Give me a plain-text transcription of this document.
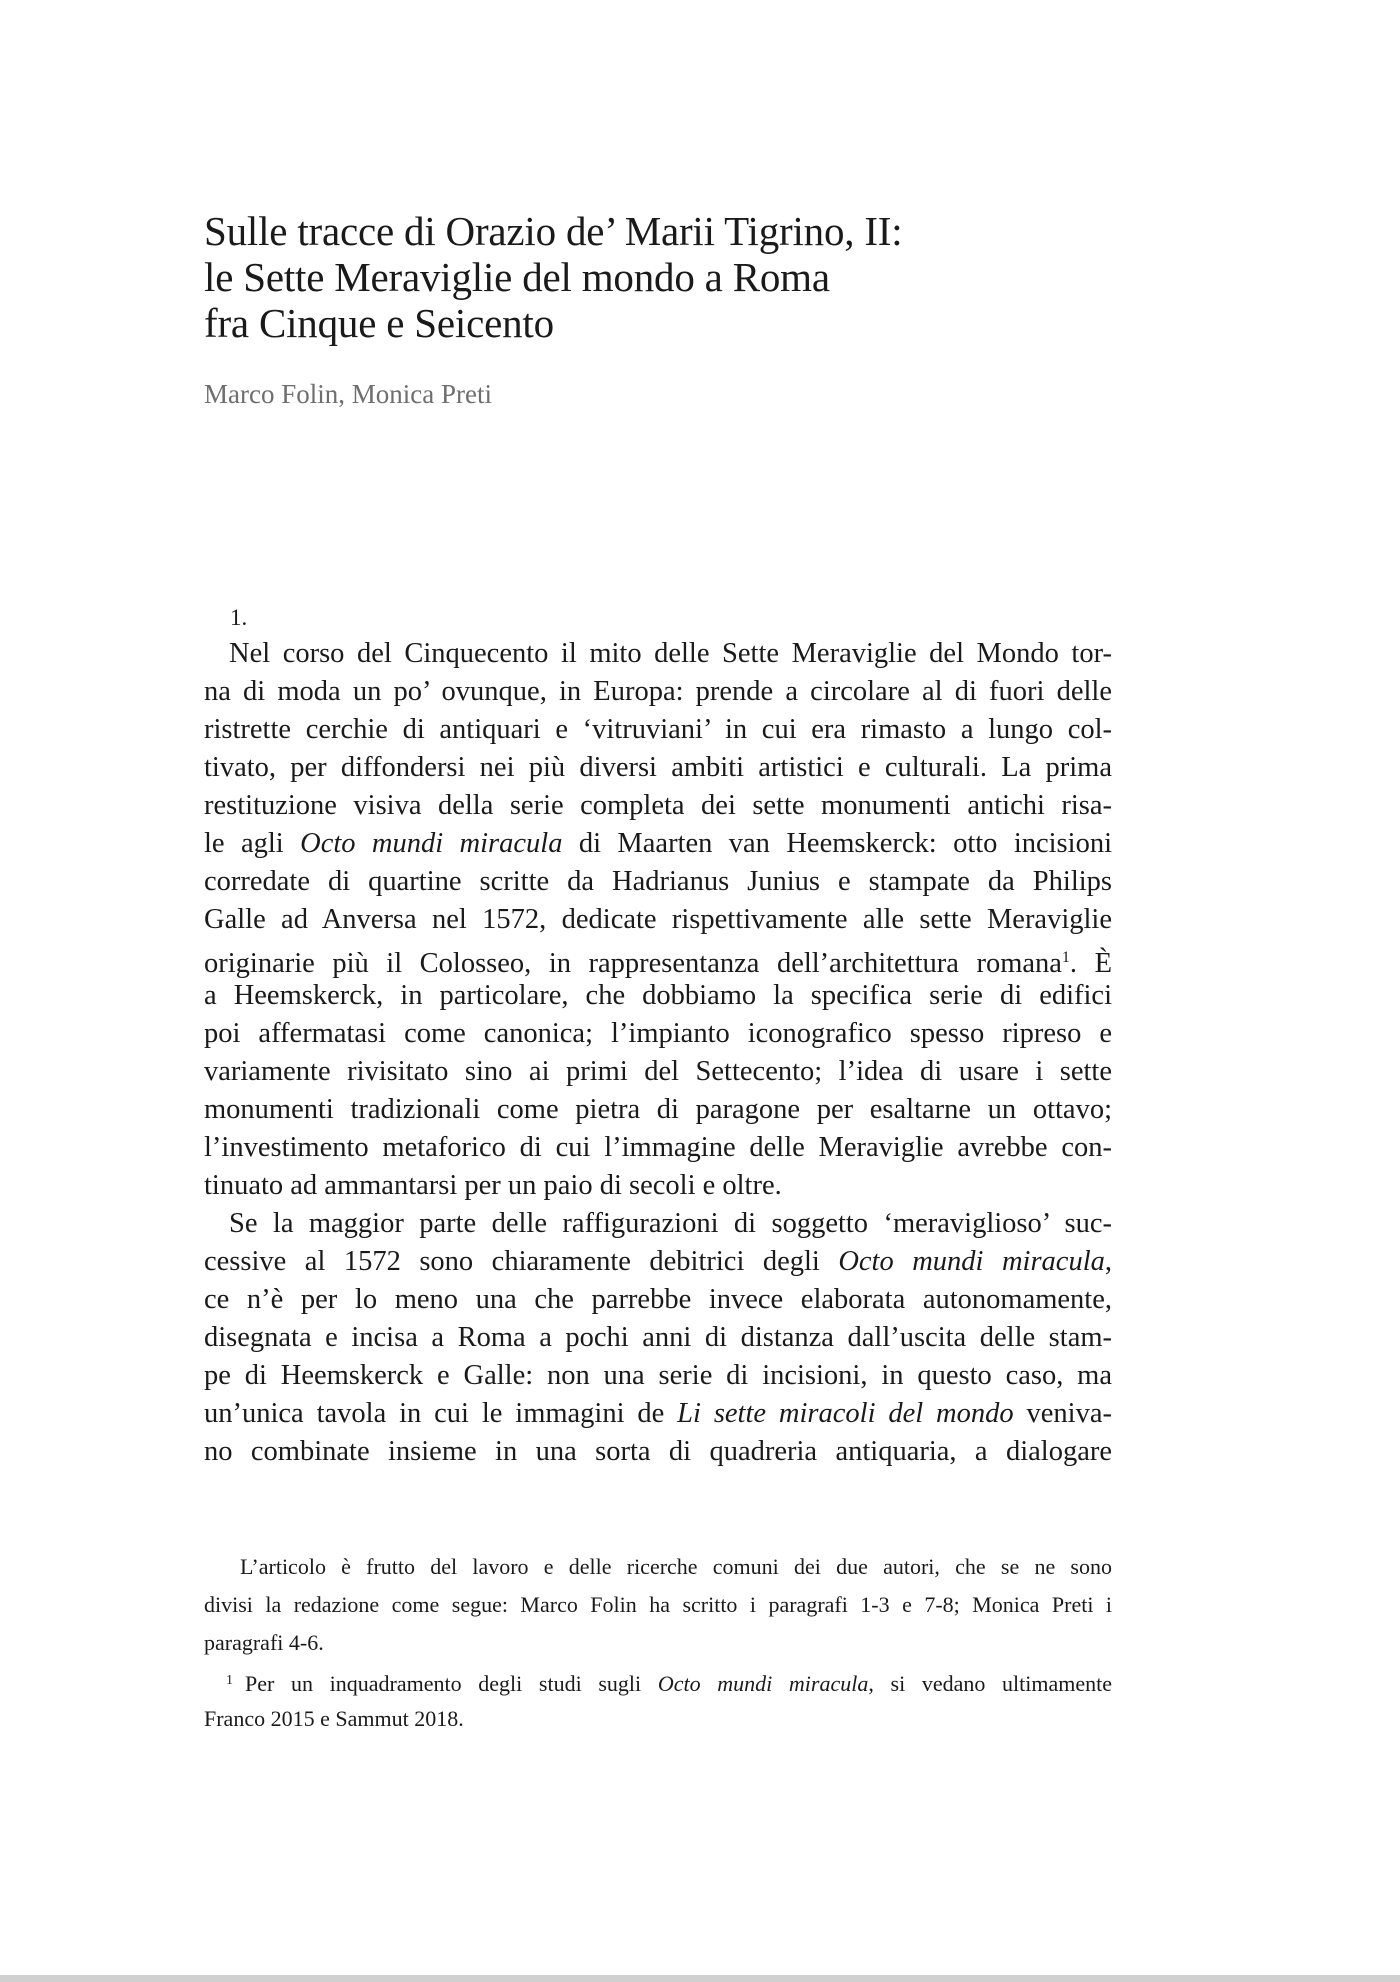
Sulle tracce di Orazio de’ Marii Tigrino, II:
le Sette Meraviglie del mondo a Roma
fra Cinque e Seicento
Marco Folin, Monica Preti
1.
Nel corso del Cinquecento il mito delle Sette Meraviglie del Mondo tor-
na di moda un po’ ovunque, in Europa: prende a circolare al di fuori delle
ristrette cerchie di antiquari e ‘vitruviani’ in cui era rimasto a lungo col-
tivato, per diffondersi nei più diversi ambiti artistici e culturali. La prima
restituzione visiva della serie completa dei sette monumenti antichi risa-
le agli Octo mundi miracula di Maarten van Heemskerck: otto incisioni
corredate di quartine scritte da Hadrianus Junius e stampate da Philips
Galle ad Anversa nel 1572, dedicate rispettivamente alle sette Meraviglie
originarie più il Colosseo, in rappresentanza dell’architettura romana$^1$. È
a Heemskerck, in particolare, che dobbiamo la specifica serie di edifici
poi affermatasi come canonica; l’impianto iconografico spesso ripreso e
variamente rivisitato sino ai primi del Settecento; l’idea di usare i sette
monumenti tradizionali come pietra di paragone per esaltarne un ottavo;
l’investimento metaforico di cui l’immagine delle Meraviglie avrebbe con-
tinuato ad ammantarsi per un paio di secoli e oltre.
Se la maggior parte delle raffigurazioni di soggetto ‘meraviglioso’ suc-
cessive al 1572 sono chiaramente debitrici degli Octo mundi miracula,
ce n’è per lo meno una che parrebbe invece elaborata autonomamente,
disegnata e incisa a Roma a pochi anni di distanza dall’uscita delle stam-
pe di Heemskerck e Galle: non una serie di incisioni, in questo caso, ma
un’unica tavola in cui le immagini de Li sette miracoli del mondo veniva-
no combinate insieme in una sorta di quadreria antiquaria, a dialogare
L’articolo è frutto del lavoro e delle ricerche comuni dei due autori, che se ne sono
divisi la redazione come segue: Marco Folin ha scritto i paragrafi 1-3 e 7-8; Monica Preti i
paragrafi 4-6.
$^1$ Per un inquadramento degli studi sugli Octo mundi miracula, si vedano ultimamente
Franco 2015 e Sammut 2018.
